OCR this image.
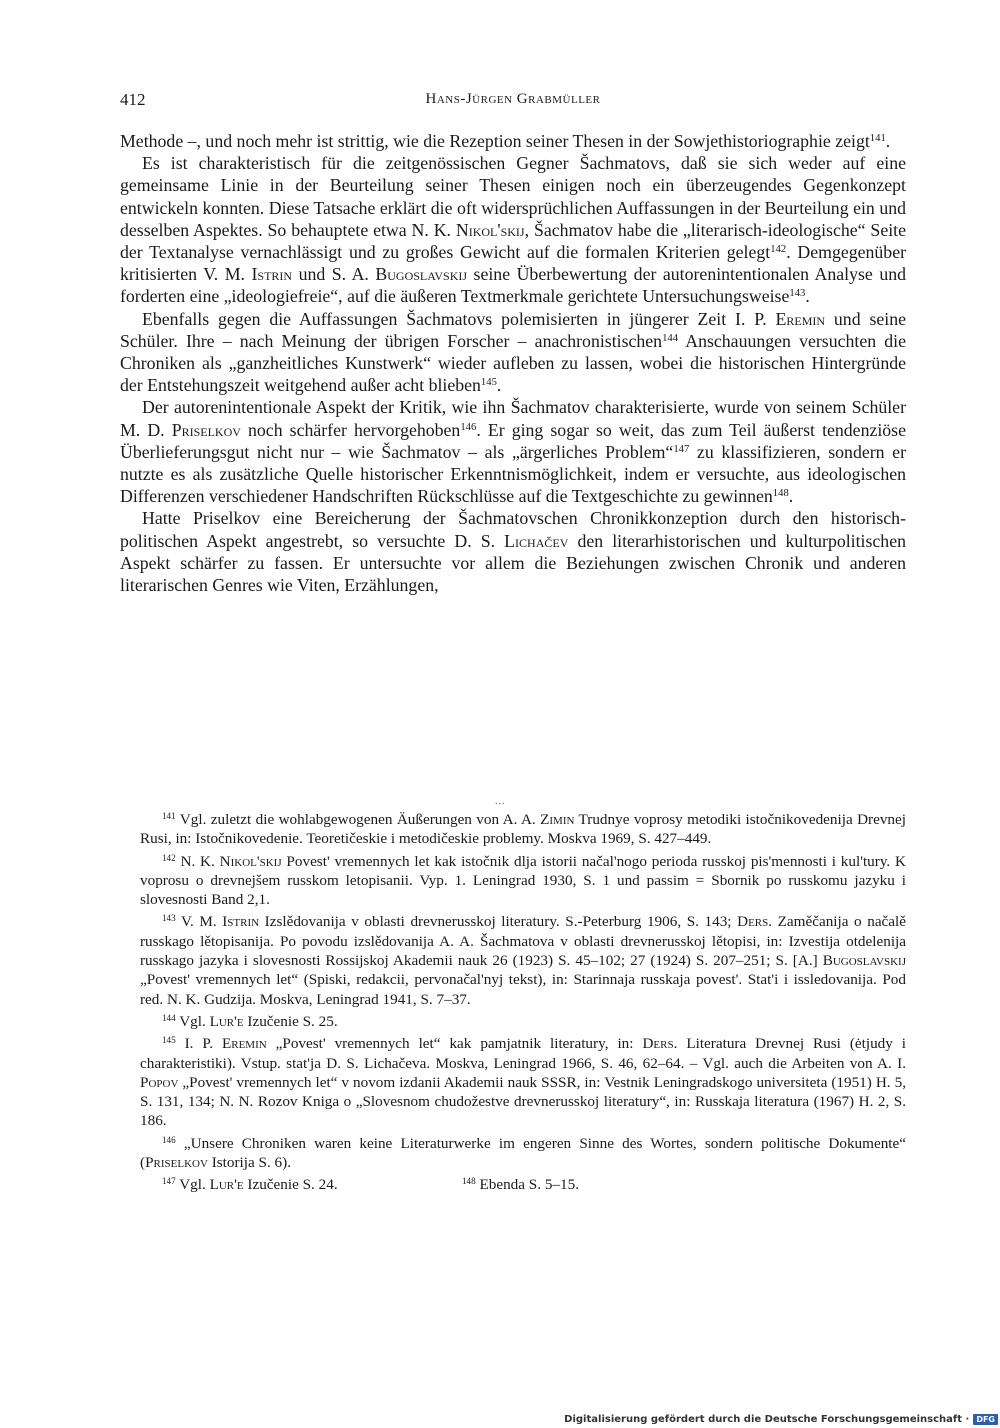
412	Hans-Jürgen Grabmüller

Methode –, und noch mehr ist strittig, wie die Rezeption seiner Thesen in der Sowjethistoriographie zeigt$^{141}$.

Es ist charakteristisch für die zeitgenössischen Gegner Šachmatovs, daß sie sich weder auf eine gemeinsame Linie in der Beurteilung seiner Thesen einigen noch ein überzeugendes Gegenkonzept entwickeln konnten. Diese Tatsache erklärt die oft widersprüchlichen Auffassungen in der Beurteilung ein und desselben Aspektes. So behauptete etwa N. K. Nikol'skij, Šachmatov habe die „literarisch-ideologische“ Seite der Textanalyse vernachlässigt und zu großes Gewicht auf die formalen Kriterien gelegt$^{142}$. Demgegenüber kritisierten V. M. Istrin und S. A. Bugoslavskij seine Überbewertung der autorenintentionalen Analyse und forderten eine „ideologiefreie“, auf die äußeren Textmerkmale gerichtete Untersuchungsweise$^{143}$.

Ebenfalls gegen die Auffassungen Šachmatovs polemisierten in jüngerer Zeit I. P. Eremin und seine Schüler. Ihre – nach Meinung der übrigen Forscher – anachronistischen$^{144}$ Anschauungen versuchten die Chroniken als „ganzheitliches Kunstwerk“ wieder aufleben zu lassen, wobei die historischen Hintergründe der Entstehungszeit weitgehend außer acht blieben$^{145}$.

Der autorenintentionale Aspekt der Kritik, wie ihn Šachmatov charakterisierte, wurde von seinem Schüler M. D. Priselkov noch schärfer hervorgehoben$^{146}$. Er ging sogar so weit, das zum Teil äußerst tendenziöse Überlieferungsgut nicht nur – wie Šachmatov – als „ärgerliches Problem“$^{147}$ zu klassifizieren, sondern er nutzte es als zusätzliche Quelle historischer Erkenntnismöglichkeit, indem er versuchte, aus ideologischen Differenzen verschiedener Handschriften Rückschlüsse auf die Textgeschichte zu gewinnen$^{148}$.

Hatte Priselkov eine Bereicherung der Šachmatovschen Chronikkonzeption durch den historisch-politischen Aspekt angestrebt, so versuchte D. S. Lichačev den literarhistorischen und kulturpolitischen Aspekt schärfer zu fassen. Er untersuchte vor allem die Beziehungen zwischen Chronik und anderen literarischen Genres wie Viten, Erzählungen,

...

$^{141}$ Vgl. zuletzt die wohlabgewogenen Äußerungen von A. A. Zimin Trudnye voprosy metodiki istočnikovedenija Drevnej Rusi, in: Istočnikovedenie. Teoretičeskie i metodičeskie problemy. Moskva 1969, S. 427–449.

$^{142}$ N. K. Nikol'skij Povest' vremennych let kak istočnik dlja istorii načal'nogo perioda russkoj pis'mennosti i kul'tury. K voprosu o drevnejšem russkom letopisanii. Vyp. 1. Leningrad 1930, S. 1 und passim = Sbornik po russkomu jazyku i slovesnosti Band 2,1.

$^{143}$ V. M. Istrin Izslědovanija v oblasti drevnerusskoj literatury. S.-Peterburg 1906, S. 143; Ders. Zaměčanija o načalě russkago lětopisanija. Po povodu izslědovanija A. A. Šachmatova v oblasti drevnerusskoj lětopisi, in: Izvestija otdelenija russkago jazyka i slovesnosti Rossijskoj Akademii nauk 26 (1923) S. 45–102; 27 (1924) S. 207–251; S. [A.] Bugoslavskij „Povest' vremennych let“ (Spiski, redakcii, pervonačal'nyj tekst), in: Starinnaja russkaja povest'. Stat'i i issledovanija. Pod red. N. K. Gudzija. Moskva, Leningrad 1941, S. 7–37.

$^{144}$ Vgl. Lur'e Izučenie S. 25.

$^{145}$ I. P. Eremin „Povest' vremennych let“ kak pamjatnik literatury, in: Ders. Literatura Drevnej Rusi (ėtjudy i charakteristiki). Vstup. stat'ja D. S. Lichačeva. Moskva, Leningrad 1966, S. 46, 62–64. – Vgl. auch die Arbeiten von A. I. Popov „Povest' vremennych let“ v novom izdanii Akademii nauk SSSR, in: Vestnik Leningradskogo universiteta (1951) H. 5, S. 131, 134; N. N. Rozov Kniga o „Slovesnom chudožestve drevnerusskoj literatury“, in: Russkaja literatura (1967) H. 2, S. 186.

$^{146}$ „Unsere Chroniken waren keine Literaturwerke im engeren Sinne des Wortes, sondern politische Dokumente“ (Priselkov Istorija S. 6).

$^{147}$ Vgl. Lur'e Izučenie S. 24.	$^{148}$ Ebenda S. 5–15.

Digitalisierung gefördert durch die Deutsche Forschungsgemeinschaft · DFG
